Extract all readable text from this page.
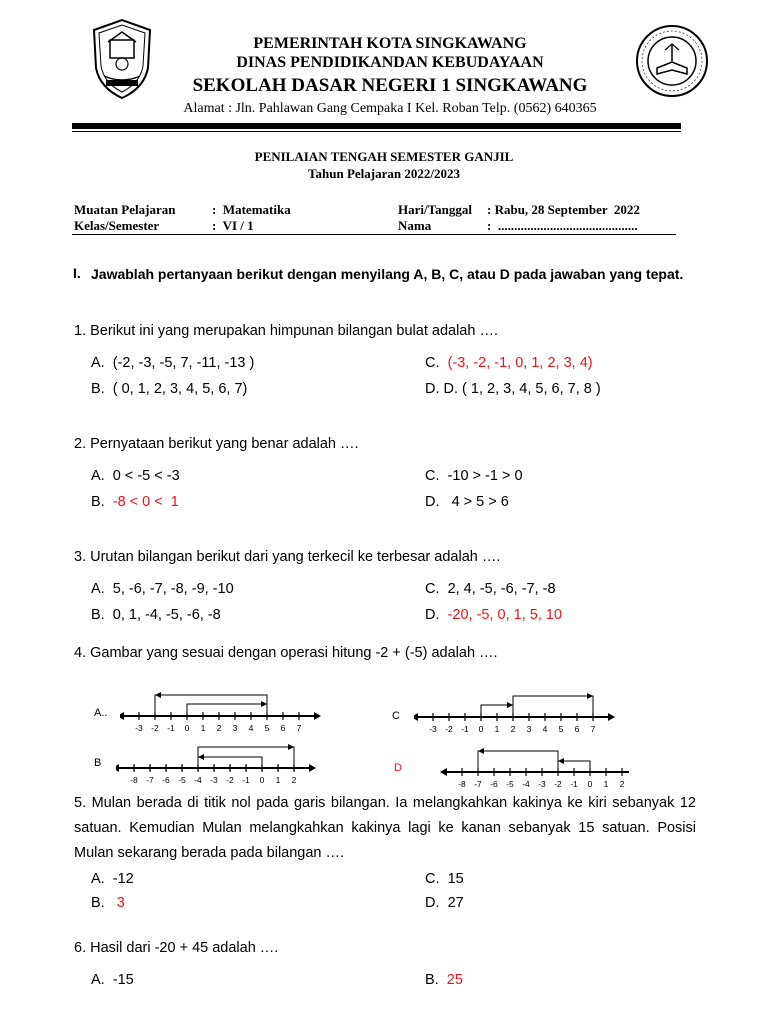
PEMERINTAH KOTA SINGKAWANG
DINAS PENDIDIKANDAN KEBUDAYAAN
SEKOLAH DASAR NEGERI 1 SINGKAWANG
Alamat : Jln. Pahlawan Gang Cempaka I Kel. Roban Telp. (0562) 640365
PENILAIAN TENGAH SEMESTER GANJIL
Tahun Pelajaran 2022/2023
Muatan Pelajaran	:  Matematika
Kelas/Semester	:  VI / 1
Hari/Tanggal : Rabu, 28 September  2022
Nama	:  ...........................................
I. Jawablah pertanyaan berikut dengan menyilang A, B, C, atau D pada jawaban yang tepat.
1. Berikut ini yang merupakan himpunan bilangan bulat adalah ….
A. (-2, -3, -5, 7, -11, -13 )
B. ( 0, 1, 2, 3, 4, 5, 6, 7)
C. (-3, -2, -1, 0, 1, 2, 3, 4)
D. D. ( 1, 2, 3, 4, 5, 6, 7, 8 )
2. Pernyataan berikut yang benar adalah ….
A. 0 < -5 < -3
B. -8 < 0 <  1
C. -10 > -1 > 0
D.   4 > 5 > 6
3. Urutan bilangan berikut dari yang terkecil ke terbesar adalah ….
A. 5, -6, -7, -8, -9, -10
B. 0, 1, -4, -5, -6, -8
C. 2, 4, -5, -6, -7, -8
D. -20, -5, 0, 1, 5, 10
4. Gambar yang sesuai dengan operasi hitung -2 + (-5) adalah ….
A..
B
C
D
-3 -2 -1 0 1 2 3 4 5 6 7
-8 -7 -6 -5 -4 -3 -2 -1 0 1 2
-3 -2 -1 0 1 2 3 4 5 6 7
-8 -7 -6 -5 -4 -3 -2 -1 0 1 2
5. Mulan berada di titik nol pada garis bilangan. Ia melangkahkan kakinya ke kiri sebanyak 12 satuan. Kemudian Mulan melangkahkan kakinya lagi ke kanan sebanyak 15 satuan. Posisi Mulan sekarang berada pada bilangan ….
A. -12
B.   3
C. 15
D. 27
6. Hasil dari -20 + 45 adalah ….
A. -15	B. 25
